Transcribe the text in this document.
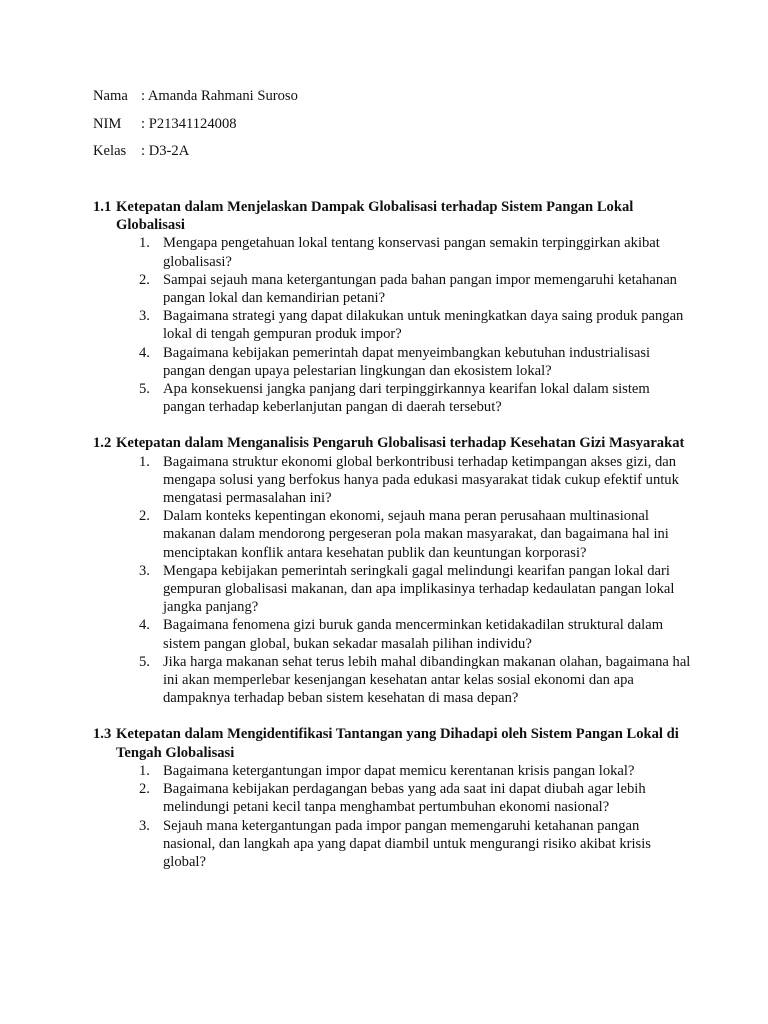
Nama : Amanda Rahmani Suroso
NIM : P21341124008
Kelas : D3-2A
1.1 Ketepatan dalam Menjelaskan Dampak Globalisasi terhadap Sistem Pangan Lokal Globalisasi
1. Mengapa pengetahuan lokal tentang konservasi pangan semakin terpinggirkan akibat globalisasi?
2. Sampai sejauh mana ketergantungan pada bahan pangan impor memengaruhi ketahanan pangan lokal dan kemandirian petani?
3. Bagaimana strategi yang dapat dilakukan untuk meningkatkan daya saing produk pangan lokal di tengah gempuran produk impor?
4. Bagaimana kebijakan pemerintah dapat menyeimbangkan kebutuhan industrialisasi pangan dengan upaya pelestarian lingkungan dan ekosistem lokal?
5. Apa konsekuensi jangka panjang dari terpinggirkannya kearifan lokal dalam sistem pangan terhadap keberlanjutan pangan di daerah tersebut?
1.2 Ketepatan dalam Menganalisis Pengaruh Globalisasi terhadap Kesehatan Gizi Masyarakat
1. Bagaimana struktur ekonomi global berkontribusi terhadap ketimpangan akses gizi, dan mengapa solusi yang berfokus hanya pada edukasi masyarakat tidak cukup efektif untuk mengatasi permasalahan ini?
2. Dalam konteks kepentingan ekonomi, sejauh mana peran perusahaan multinasional makanan dalam mendorong pergeseran pola makan masyarakat, dan bagaimana hal ini menciptakan konflik antara kesehatan publik dan keuntungan korporasi?
3. Mengapa kebijakan pemerintah seringkali gagal melindungi kearifan pangan lokal dari gempuran globalisasi makanan, dan apa implikasinya terhadap kedaulatan pangan lokal jangka panjang?
4. Bagaimana fenomena gizi buruk ganda mencerminkan ketidakadilan struktural dalam sistem pangan global, bukan sekadar masalah pilihan individu?
5. Jika harga makanan sehat terus lebih mahal dibandingkan makanan olahan, bagaimana hal ini akan memperlebar kesenjangan kesehatan antar kelas sosial ekonomi dan apa dampaknya terhadap beban sistem kesehatan di masa depan?
1.3 Ketepatan dalam Mengidentifikasi Tantangan yang Dihadapi oleh Sistem Pangan Lokal di Tengah Globalisasi
1. Bagaimana ketergantungan impor dapat memicu kerentanan krisis pangan lokal?
2. Bagaimana kebijakan perdagangan bebas yang ada saat ini dapat diubah agar lebih melindungi petani kecil tanpa menghambat pertumbuhan ekonomi nasional?
3. Sejauh mana ketergantungan pada impor pangan memengaruhi ketahanan pangan nasional, dan langkah apa yang dapat diambil untuk mengurangi risiko akibat krisis global?
